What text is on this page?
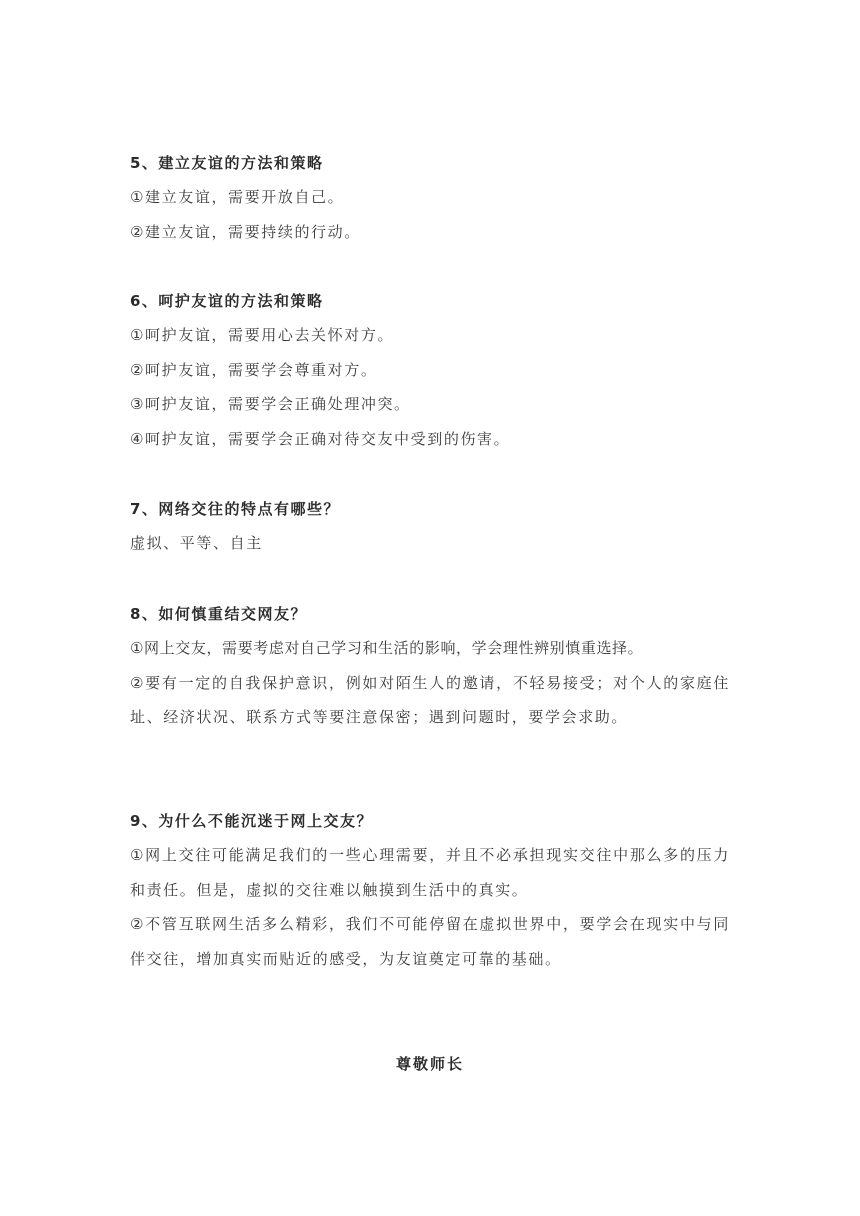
5、建立友谊的方法和策略
①建立友谊，需要开放自己。
②建立友谊，需要持续的行动。
6、呵护友谊的方法和策略
①呵护友谊，需要用心去关怀对方。
②呵护友谊，需要学会尊重对方。
③呵护友谊，需要学会正确处理冲突。
④呵护友谊，需要学会正确对待交友中受到的伤害。
7、网络交往的特点有哪些？
虚拟、平等、自主
8、如何慎重结交网友？
①网上交友，需要考虑对自己学习和生活的影响，学会理性辨别慎重选择。
②要有一定的自我保护意识，例如对陌生人的邀请，不轻易接受；对个人的家庭住址、经济状况、联系方式等要注意保密；遇到问题时，要学会求助。
9、为什么不能沉迷于网上交友？
①网上交往可能满足我们的一些心理需要，并且不必承担现实交往中那么多的压力和责任。但是，虚拟的交往难以触摸到生活中的真实。
②不管互联网生活多么精彩，我们不可能停留在虚拟世界中，要学会在现实中与同伴交往，增加真实而贴近的感受，为友谊奠定可靠的基础。
尊敬师长
